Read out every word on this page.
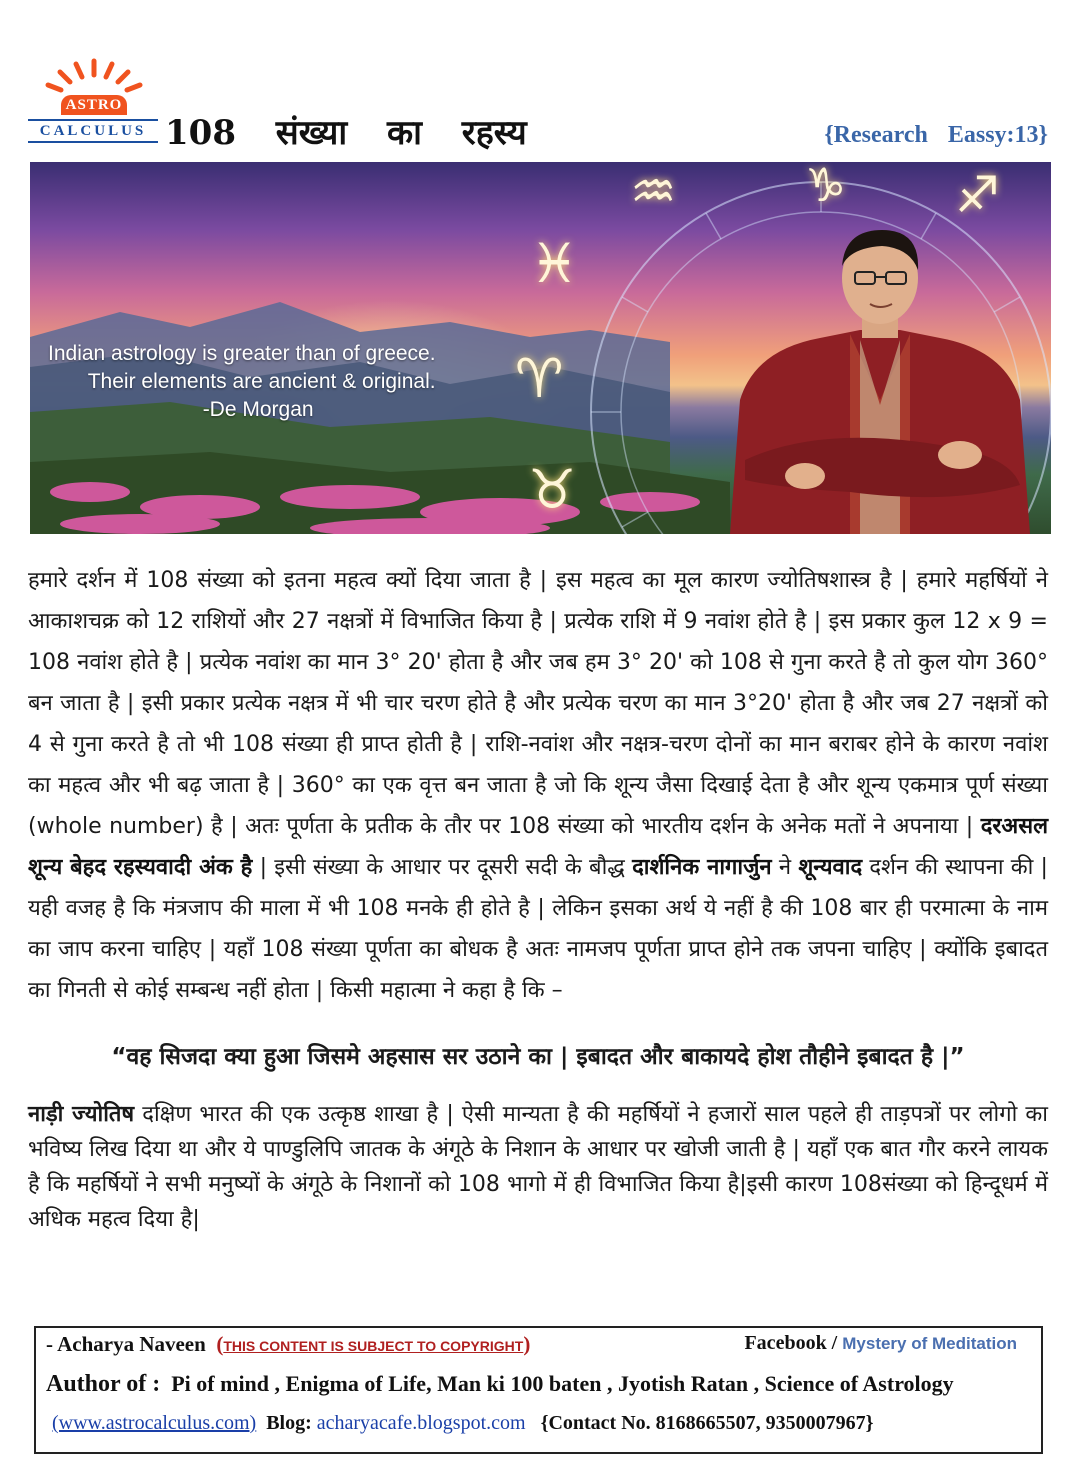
ASTRO
CALCULUS 108 संख्या का रहस्य	{Research Eassy:13}
♒	♑ ♐
♓
♈
♉
Indian astrology is greater than of greece.
Their elements are ancient & original.
-De Morgan

हमारे दर्शन में 108 संख्या को इतना महत्व क्यों दिया जाता है | इस महत्व का मूल कारण ज्योतिषशास्त्र है | हमारे महर्षियों ने आकाशचक्र को 12 राशियों और 27 नक्षत्रों में विभाजित किया है | प्रत्येक राशि में 9 नवांश होते है | इस प्रकार कुल 12 x 9 = 108 नवांश होते है | प्रत्येक नवांश का मान 3° 20' होता है और जब हम 3° 20' को 108 से गुना करते है तो कुल योग 360° बन जाता है | इसी प्रकार प्रत्येक नक्षत्र में भी चार चरण होते है और प्रत्येक चरण का मान 3°20' होता है और जब 27 नक्षत्रों को 4 से गुना करते है तो भी 108 संख्या ही प्राप्त होती है | राशि-नवांश और नक्षत्र-चरण दोनों का मान बराबर होने के कारण नवांश का महत्व और भी बढ़ जाता है | 360° का एक वृत्त बन जाता है जो कि शून्य जैसा दिखाई देता है और शून्य एकमात्र पूर्ण संख्या (whole number) है | अतः पूर्णता के प्रतीक के तौर पर 108 संख्या को भारतीय दर्शन के अनेक मतों ने अपनाया | दरअसल शून्य बेहद रहस्यवादी अंक है | इसी संख्या के आधार पर दूसरी सदी के बौद्ध दार्शनिक नागार्जुन ने शून्यवाद दर्शन की स्थापना की | यही वजह है कि मंत्रजाप की माला में भी 108 मनके ही होते है | लेकिन इसका अर्थ ये नहीं है की 108 बार ही परमात्मा के नाम का जाप करना चाहिए | यहाँ 108 संख्या पूर्णता का बोधक है अतः नामजप पूर्णता प्राप्त होने तक जपना चाहिए | क्योंकि इबादत का गिनती से कोई सम्बन्ध नहीं होता | किसी महात्मा ने कहा है कि –

“वह सिजदा क्या हुआ जिसमे अहसास सर उठाने का | इबादत और बाकायदे होश तौहीने इबादत है |”

नाड़ी ज्योतिष दक्षिण भारत की एक उत्कृष्ठ शाखा है | ऐसी मान्यता है की महर्षियों ने हजारों साल पहले ही ताड़पत्रों पर लोगो का भविष्य लिख दिया था और ये पाण्डुलिपि जातक के अंगूठे के निशान के आधार पर खोजी जाती है | यहाँ एक बात गौर करने लायक है कि महर्षियों ने सभी मनुष्यों के अंगूठे के निशानों को 108 भागो में ही विभाजित किया है|इसी कारण 108संख्या को हिन्दूधर्म में अधिक महत्व दिया है|

- Acharya Naveen (THIS CONTENT IS SUBJECT TO COPYRIGHT)	Facebook / Mystery of Meditation
Author of : Pi of mind , Enigma of Life, Man ki 100 baten , Jyotish Ratan , Science of Astrology
(www.astrocalculus.com) Blog: acharyacafe.blogspot.com {Contact No. 8168665507, 9350007967}
